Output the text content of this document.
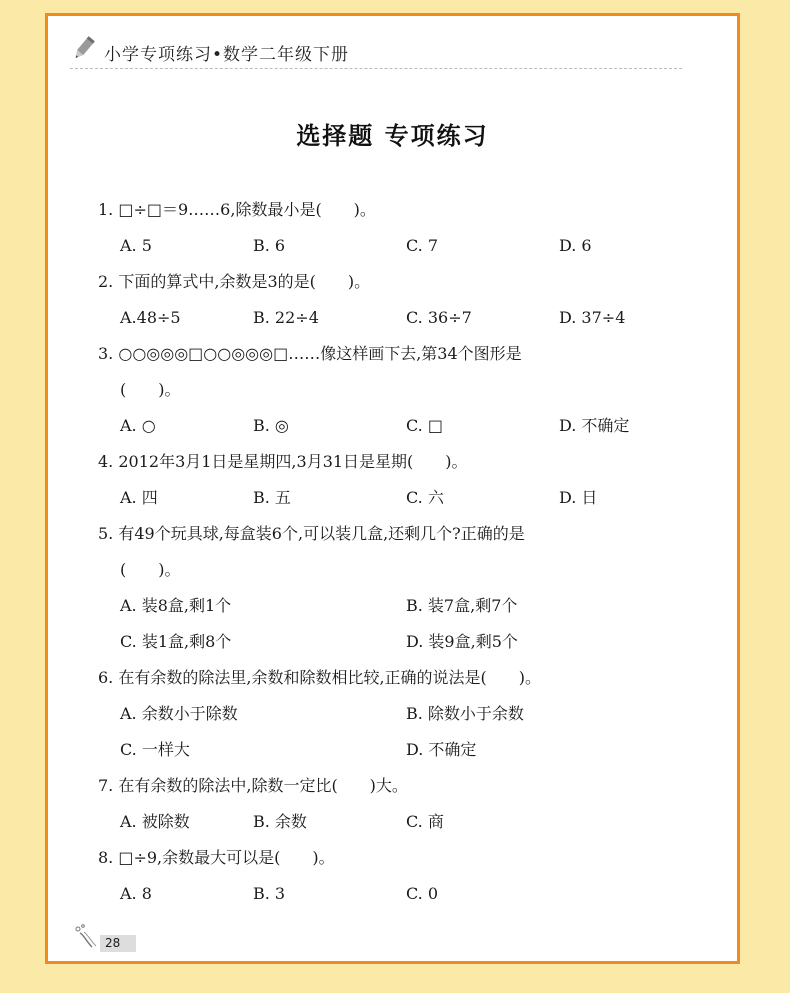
小学专项练习•数学二年级下册
选择题 专项练习
1. □÷□＝9……6,除数最小是(　　)。
A. 5	B. 6	C. 7	D. 6
2. 下面的算式中,余数是3的是(　　)。
A.48÷5	B. 22÷4	C. 36÷7	D. 37÷4
3. ○○◎◎◎□○○◎◎◎□……像这样画下去,第34个图形是
(　　)。
A. ○	B. ◎	C. □	D. 不确定
4. 2012年3月1日是星期四,3月31日是星期(　　)。
A. 四	B. 五	C. 六	D. 日
5. 有49个玩具球,每盒装6个,可以装几盒,还剩几个?正确的是
(　　)。
A. 装8盒,剩1个	B. 装7盒,剩7个
C. 装1盒,剩8个	D. 装9盒,剩5个
6. 在有余数的除法里,余数和除数相比较,正确的说法是(　　)。
A. 余数小于除数	B. 除数小于余数
C. 一样大	D. 不确定
7. 在有余数的除法中,除数一定比(　　)大。
A. 被除数	B. 余数	C. 商
8. □÷9,余数最大可以是(　　)。
A. 8	B. 3	C. 0
28
